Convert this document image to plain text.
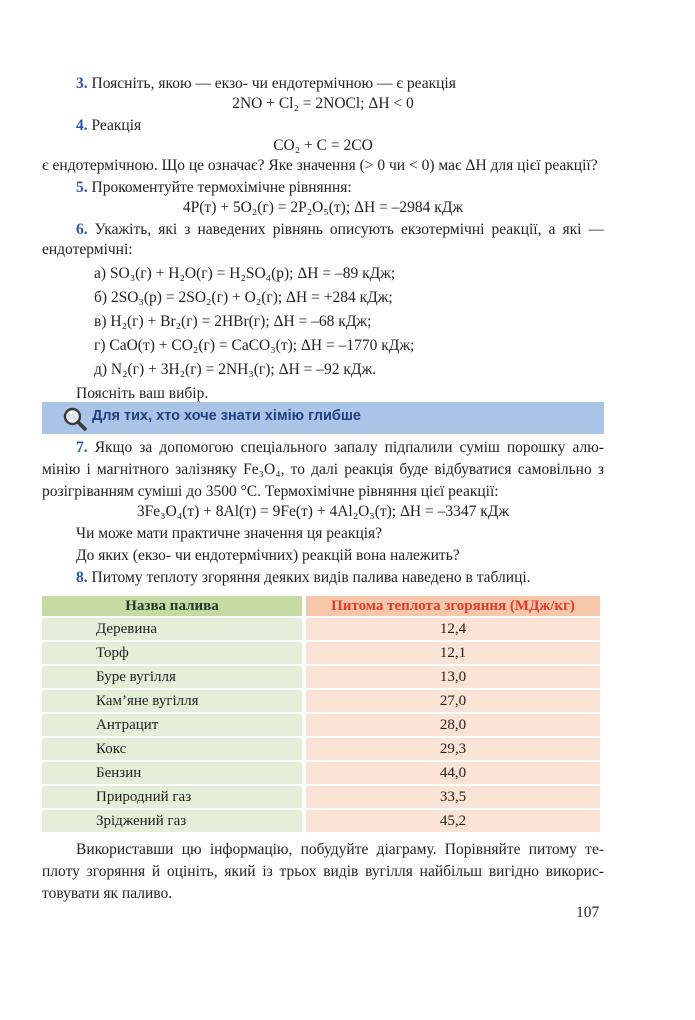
3. Поясніть, якою — екзо- чи ендотермічною — є реакція
2NO + Cl₂ = 2NOCl; ΔH < 0
4. Реакція
CO₂ + C = 2CO
є ендотермічною. Що це означає? Яке значення (> 0 чи < 0) має ΔH для цієї реакції?
5. Прокоментуйте термохімічне рівняння:
4P(т) + 5O₂(г) = 2P₂O₅(т); ΔH = –2984 кДж
6. Укажіть, які з наведених рівнянь описують екзотермічні реакції, а які —
ендотермічні:
а) SO₃(г) + H₂O(г) = H₂SO₄(р); ΔH = –89 кДж;
б) 2SO₃(р) = 2SO₂(г) + O₂(г); ΔH = +284 кДж;
в) H₂(г) + Br₂(г) = 2HBr(г); ΔH = –68 кДж;
г) CaO(т) + CO₂(г) = CaCO₃(т); ΔH = –1770 кДж;
д) N₂(г) + 3H₂(г) = 2NH₃(г); ΔH = –92 кДж.
Поясніть ваш вибір.
Для тих, хто хоче знати хімію глибше
7. Якщо за допомогою спеціального запалу підпалили суміш порошку алю-
мінію і магнітного залізняку Fe₃O₄, то далі реакція буде відбуватися самовільно з
розігріванням суміші до 3500 °С. Термохімічне рівняння цієї реакції:
3Fe₃O₄(т) + 8Al(т) = 9Fe(т) + 4Al₂O₃(т); ΔH = –3347 кДж
Чи може мати практичне значення ця реакція?
До яких (екзо- чи ендотермічних) реакцій вона належить?
8. Питому теплоту згоряння деяких видів палива наведено в таблиці.
Назва палива	Питома теплота згоряння (МДж/кг)
Деревина	12,4
Торф	12,1
Буре вугілля	13,0
Кам’яне вугілля	27,0
Антрацит	28,0
Кокс	29,3
Бензин	44,0
Природний газ	33,5
Зріджений газ	45,2
Використавши цю інформацію, побудуйте діаграму. Порівняйте питому те-
плоту згоряння й оцініть, який із трьох видів вугілля найбільш вигідно викорис-
товувати як паливо.
107
